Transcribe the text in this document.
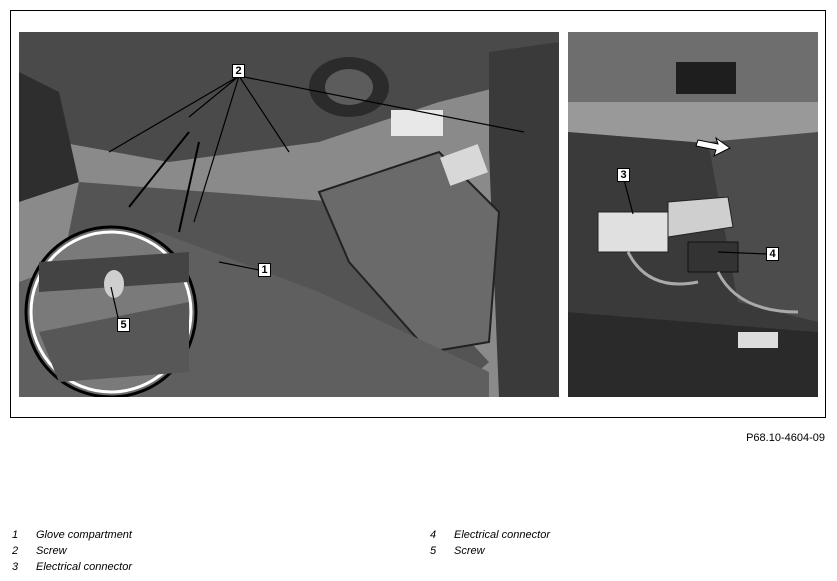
2
1
5
3
4
P68.10-4604-09
1	Glove compartment
2	Screw
3	Electrical connector
4	Electrical connector
5	Screw
